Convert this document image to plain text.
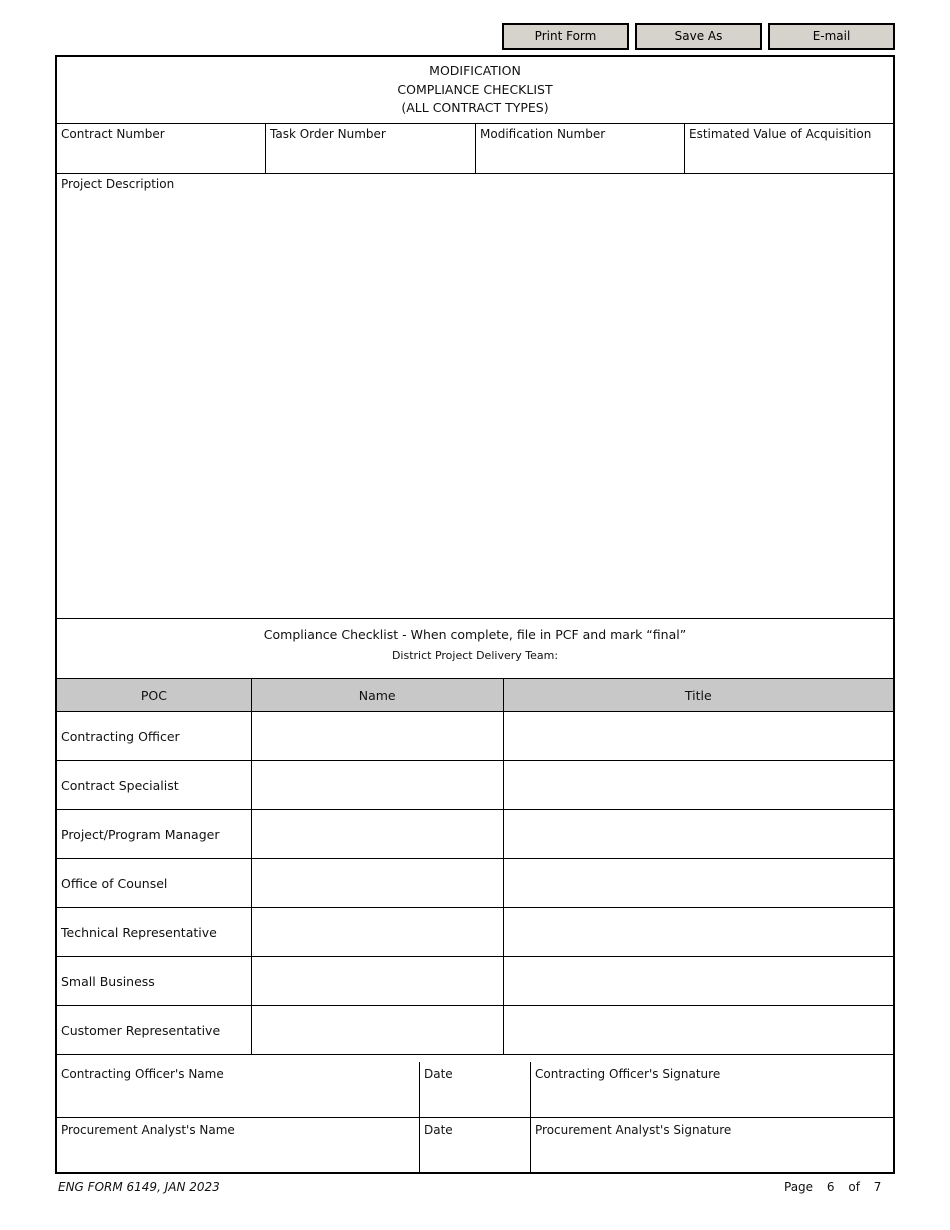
Print Form	Save As	E-mail
MODIFICATION
COMPLIANCE CHECKLIST
(ALL CONTRACT TYPES)
Contract Number	Task Order Number	Modification Number	Estimated Value of Acquisition
Project Description
Compliance Checklist - When complete, file in PCF and mark “final”
District Project Delivery Team:
POC	Name	Title
Contracting Officer		
Contract Specialist		
Project/Program Manager		
Office of Counsel		
Technical Representative		
Small Business		
Customer Representative		
Contracting Officer's Name	Date	Contracting Officer's Signature
Procurement Analyst's Name	Date	Procurement Analyst's Signature
ENG FORM 6149, JAN 2023	Page 6 of 7
